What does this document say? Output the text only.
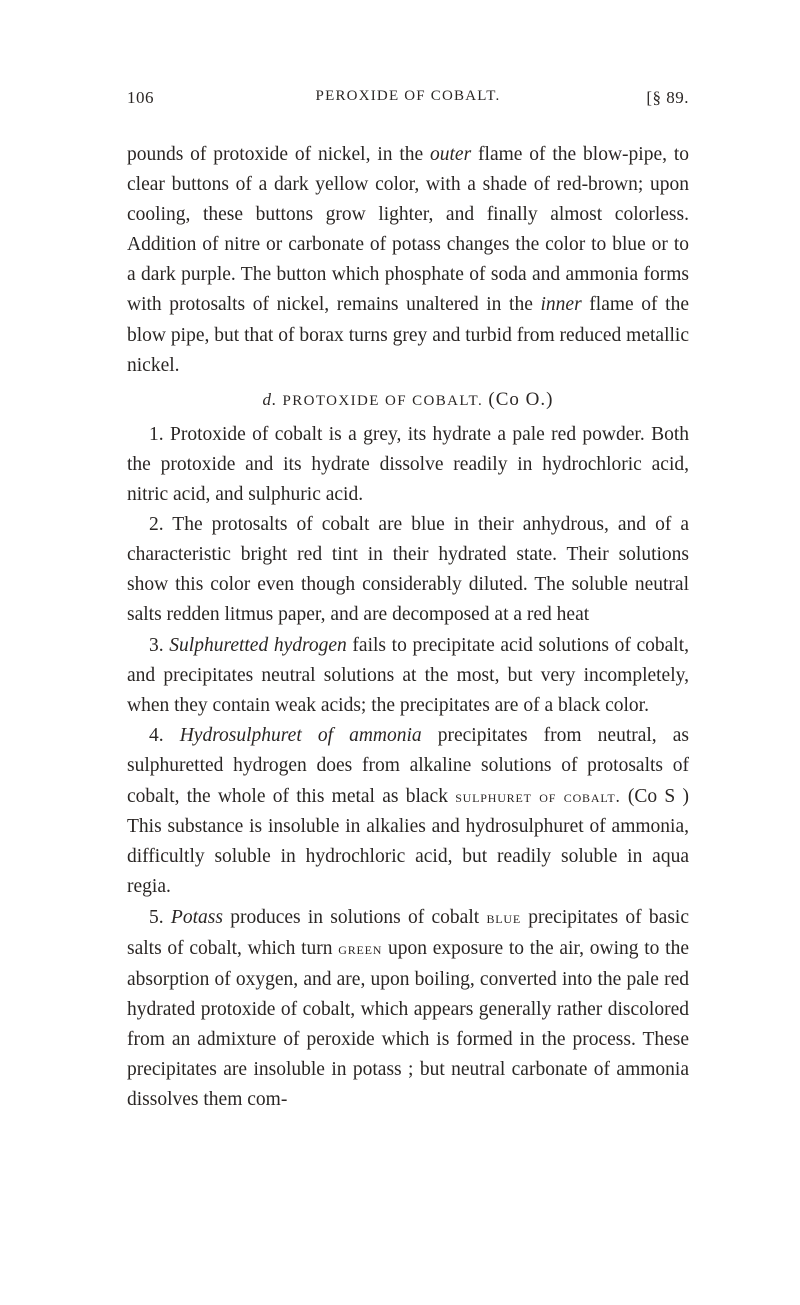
106	PEROXIDE OF COBALT.	[§ 89.

pounds of protoxide of nickel, in the outer flame of the blow-pipe, to clear buttons of a dark yellow color, with a shade of red-brown; upon cooling, these buttons grow lighter, and finally almost colorless. Addition of nitre or carbonate of potass changes the color to blue or to a dark purple. The button which phosphate of soda and ammonia forms with protosalts of nickel, remains unaltered in the inner flame of the blow pipe, but that of borax turns grey and turbid from reduced metallic nickel.

d. PROTOXIDE OF COBALT. (Co O.)

1. Protoxide of cobalt is a grey, its hydrate a pale red powder. Both the protoxide and its hydrate dissolve readily in hydrochloric acid, nitric acid, and sulphuric acid.

2. The protosalts of cobalt are blue in their anhydrous, and of a characteristic bright red tint in their hydrated state. Their solutions show this color even though considerably diluted. The soluble neutral salts redden litmus paper, and are decomposed at a red heat

3. Sulphuretted hydrogen fails to precipitate acid solutions of cobalt, and precipitates neutral solutions at the most, but very incompletely, when they contain weak acids; the precipitates are of a black color.

4. Hydrosulphuret of ammonia precipitates from neutral, as sulphuretted hydrogen does from alkaline solutions of protosalts of cobalt, the whole of this metal as black sulphuret of cobalt. (Co S ) This substance is insoluble in alkalies and hydrosulphuret of ammonia, difficultly soluble in hydrochloric acid, but readily soluble in aqua regia.

5. Potass produces in solutions of cobalt blue precipitates of basic salts of cobalt, which turn green upon exposure to the air, owing to the absorption of oxygen, and are, upon boiling, converted into the pale red hydrated protoxide of cobalt, which appears generally rather discolored from an admixture of peroxide which is formed in the process. These precipitates are insoluble in potass ; but neutral carbonate of ammonia dissolves them com-
